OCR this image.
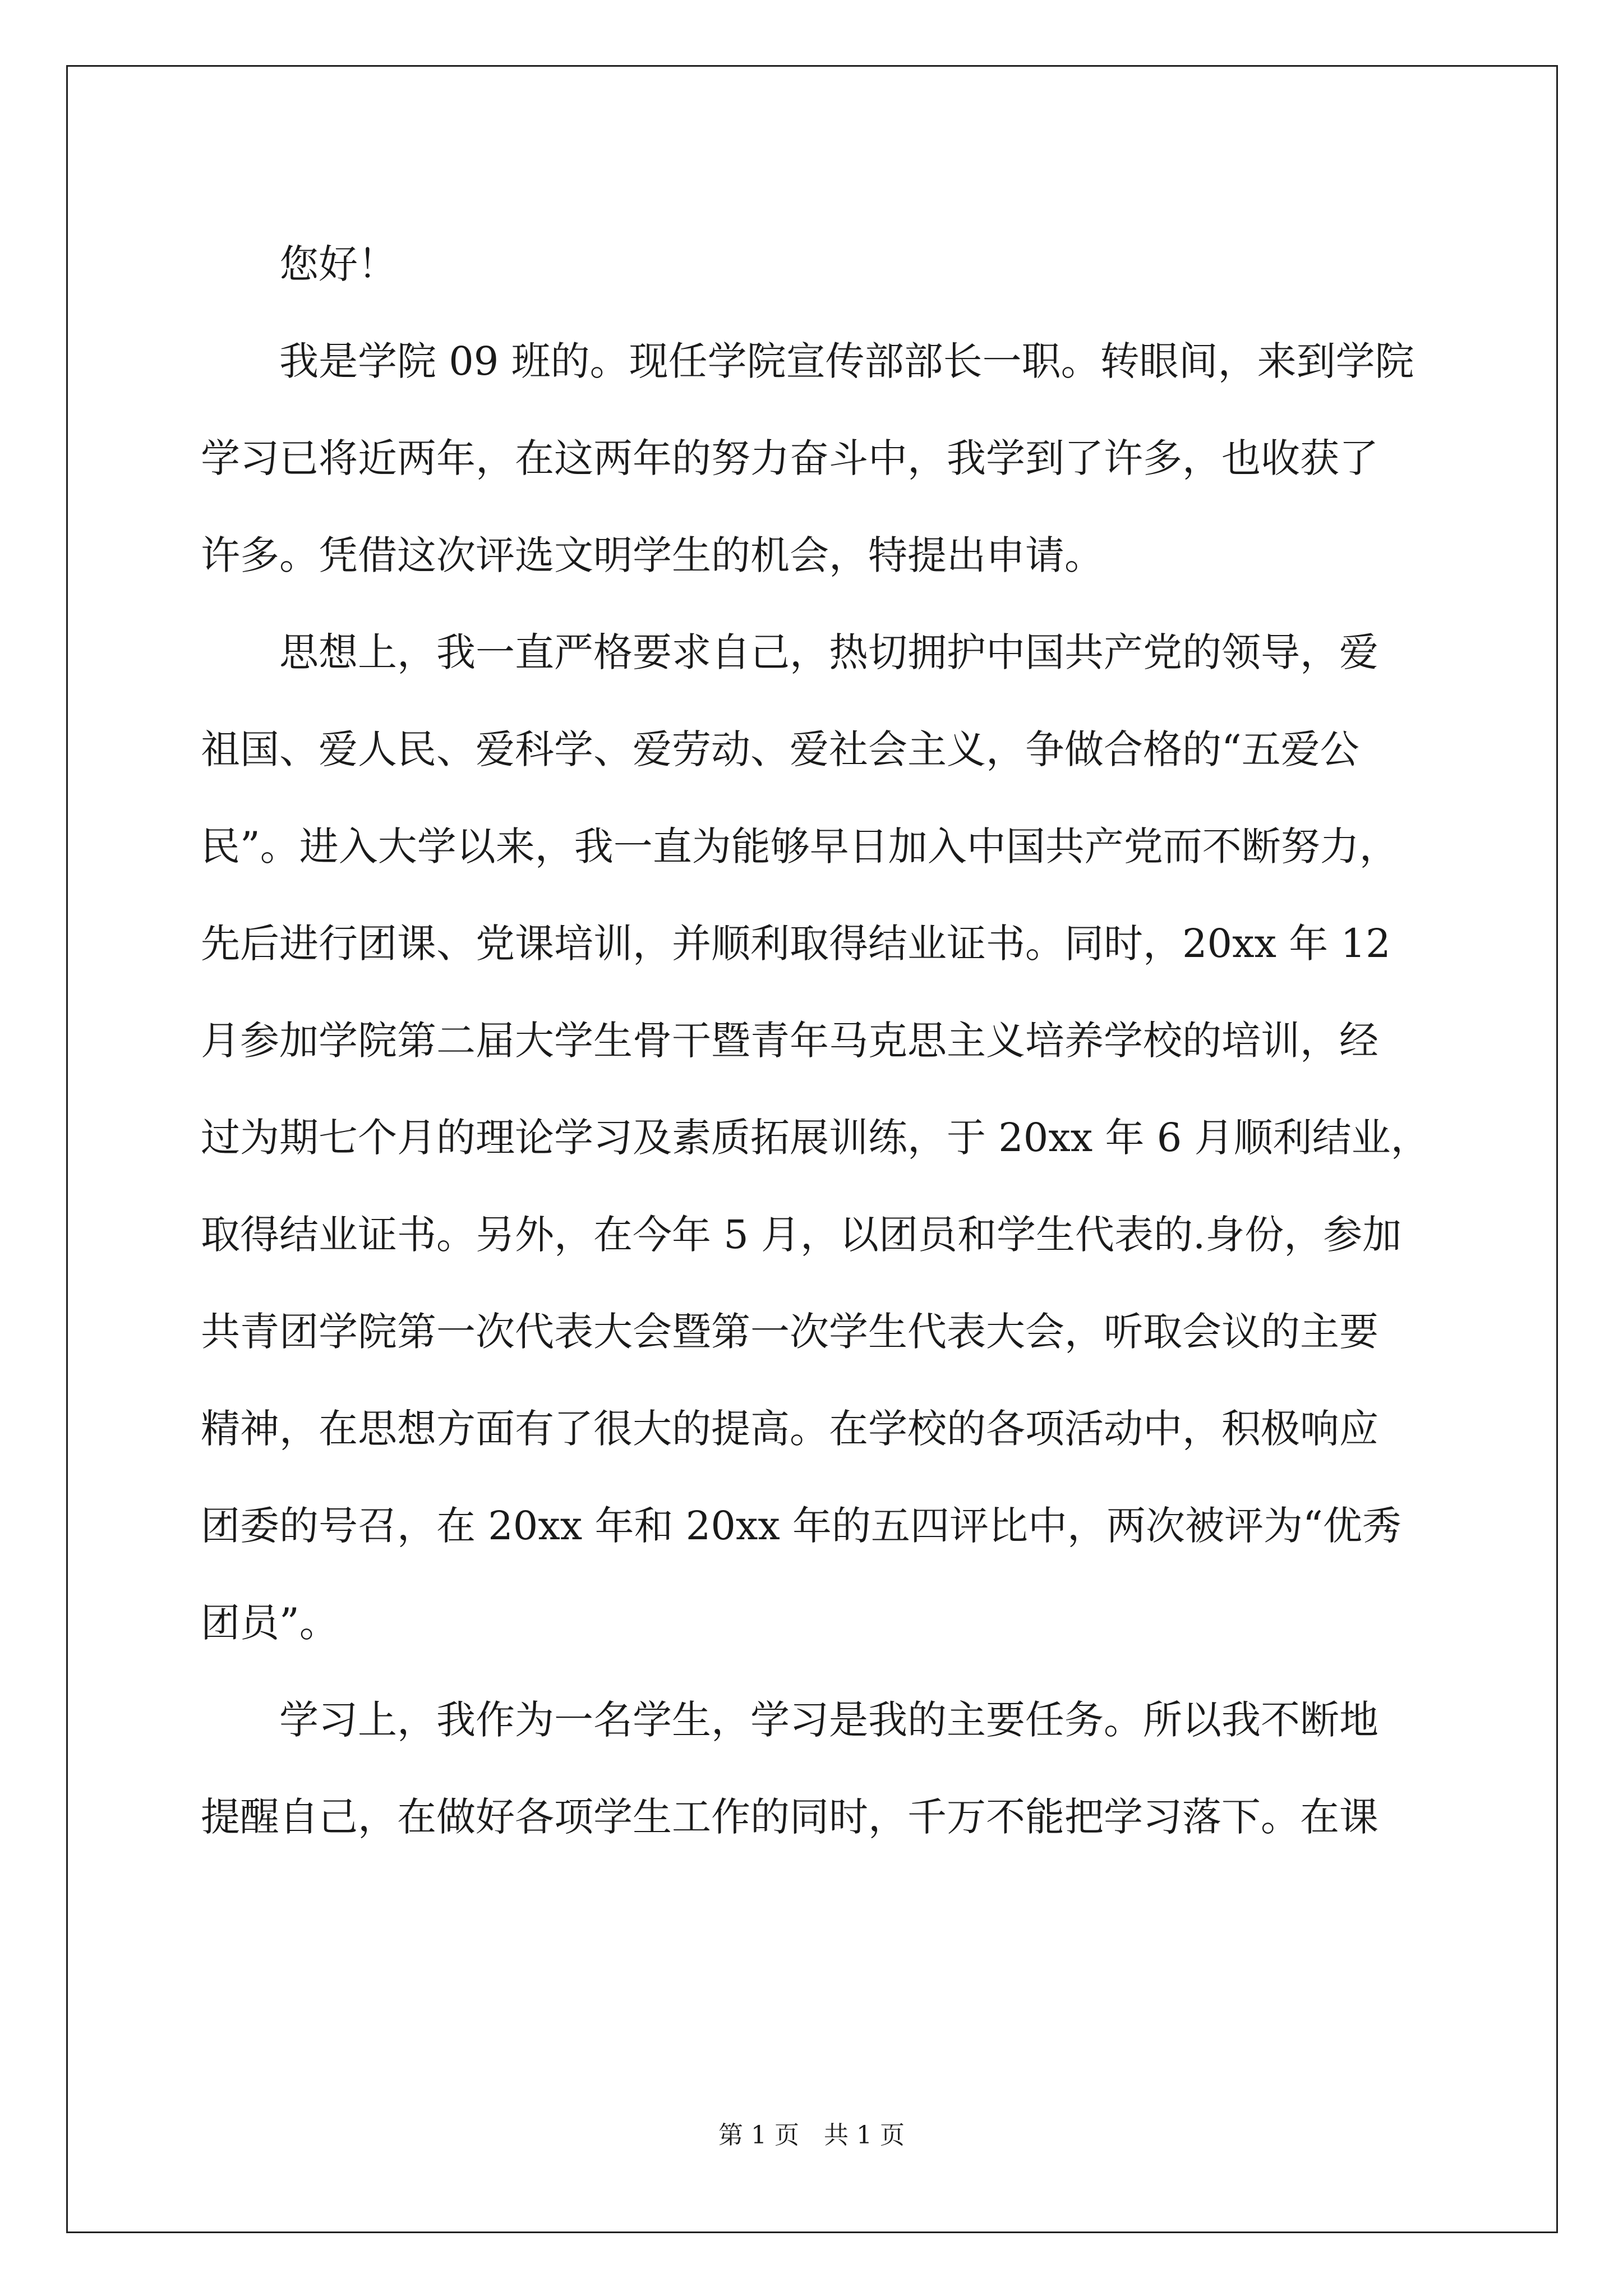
您好！

我是学院 09 班的。现任学院宣传部部长一职。转眼间，来到学院

学习已将近两年，在这两年的努力奋斗中，我学到了许多，也收获了

许多。凭借这次评选文明学生的机会，特提出申请。

思想上，我一直严格要求自己，热切拥护中国共产党的领导，爱

祖国、爱人民、爱科学、爱劳动、爱社会主义，争做合格的“五爱公

民”。进入大学以来，我一直为能够早日加入中国共产党而不断努力，

先后进行团课、党课培训，并顺利取得结业证书。同时，20xx 年 12

月参加学院第二届大学生骨干暨青年马克思主义培养学校的培训，经

过为期七个月的理论学习及素质拓展训练，于 20xx 年 6 月顺利结业，

取得结业证书。另外，在今年 5 月，以团员和学生代表的.身份，参加

共青团学院第一次代表大会暨第一次学生代表大会，听取会议的主要

精神，在思想方面有了很大的提高。在学校的各项活动中，积极响应

团委的号召，在 20xx 年和 20xx 年的五四评比中，两次被评为“优秀

团员”。

学习上，我作为一名学生，学习是我的主要任务。所以我不断地

提醒自己，在做好各项学生工作的同时，千万不能把学习落下。在课

第 1 页　共 1 页
